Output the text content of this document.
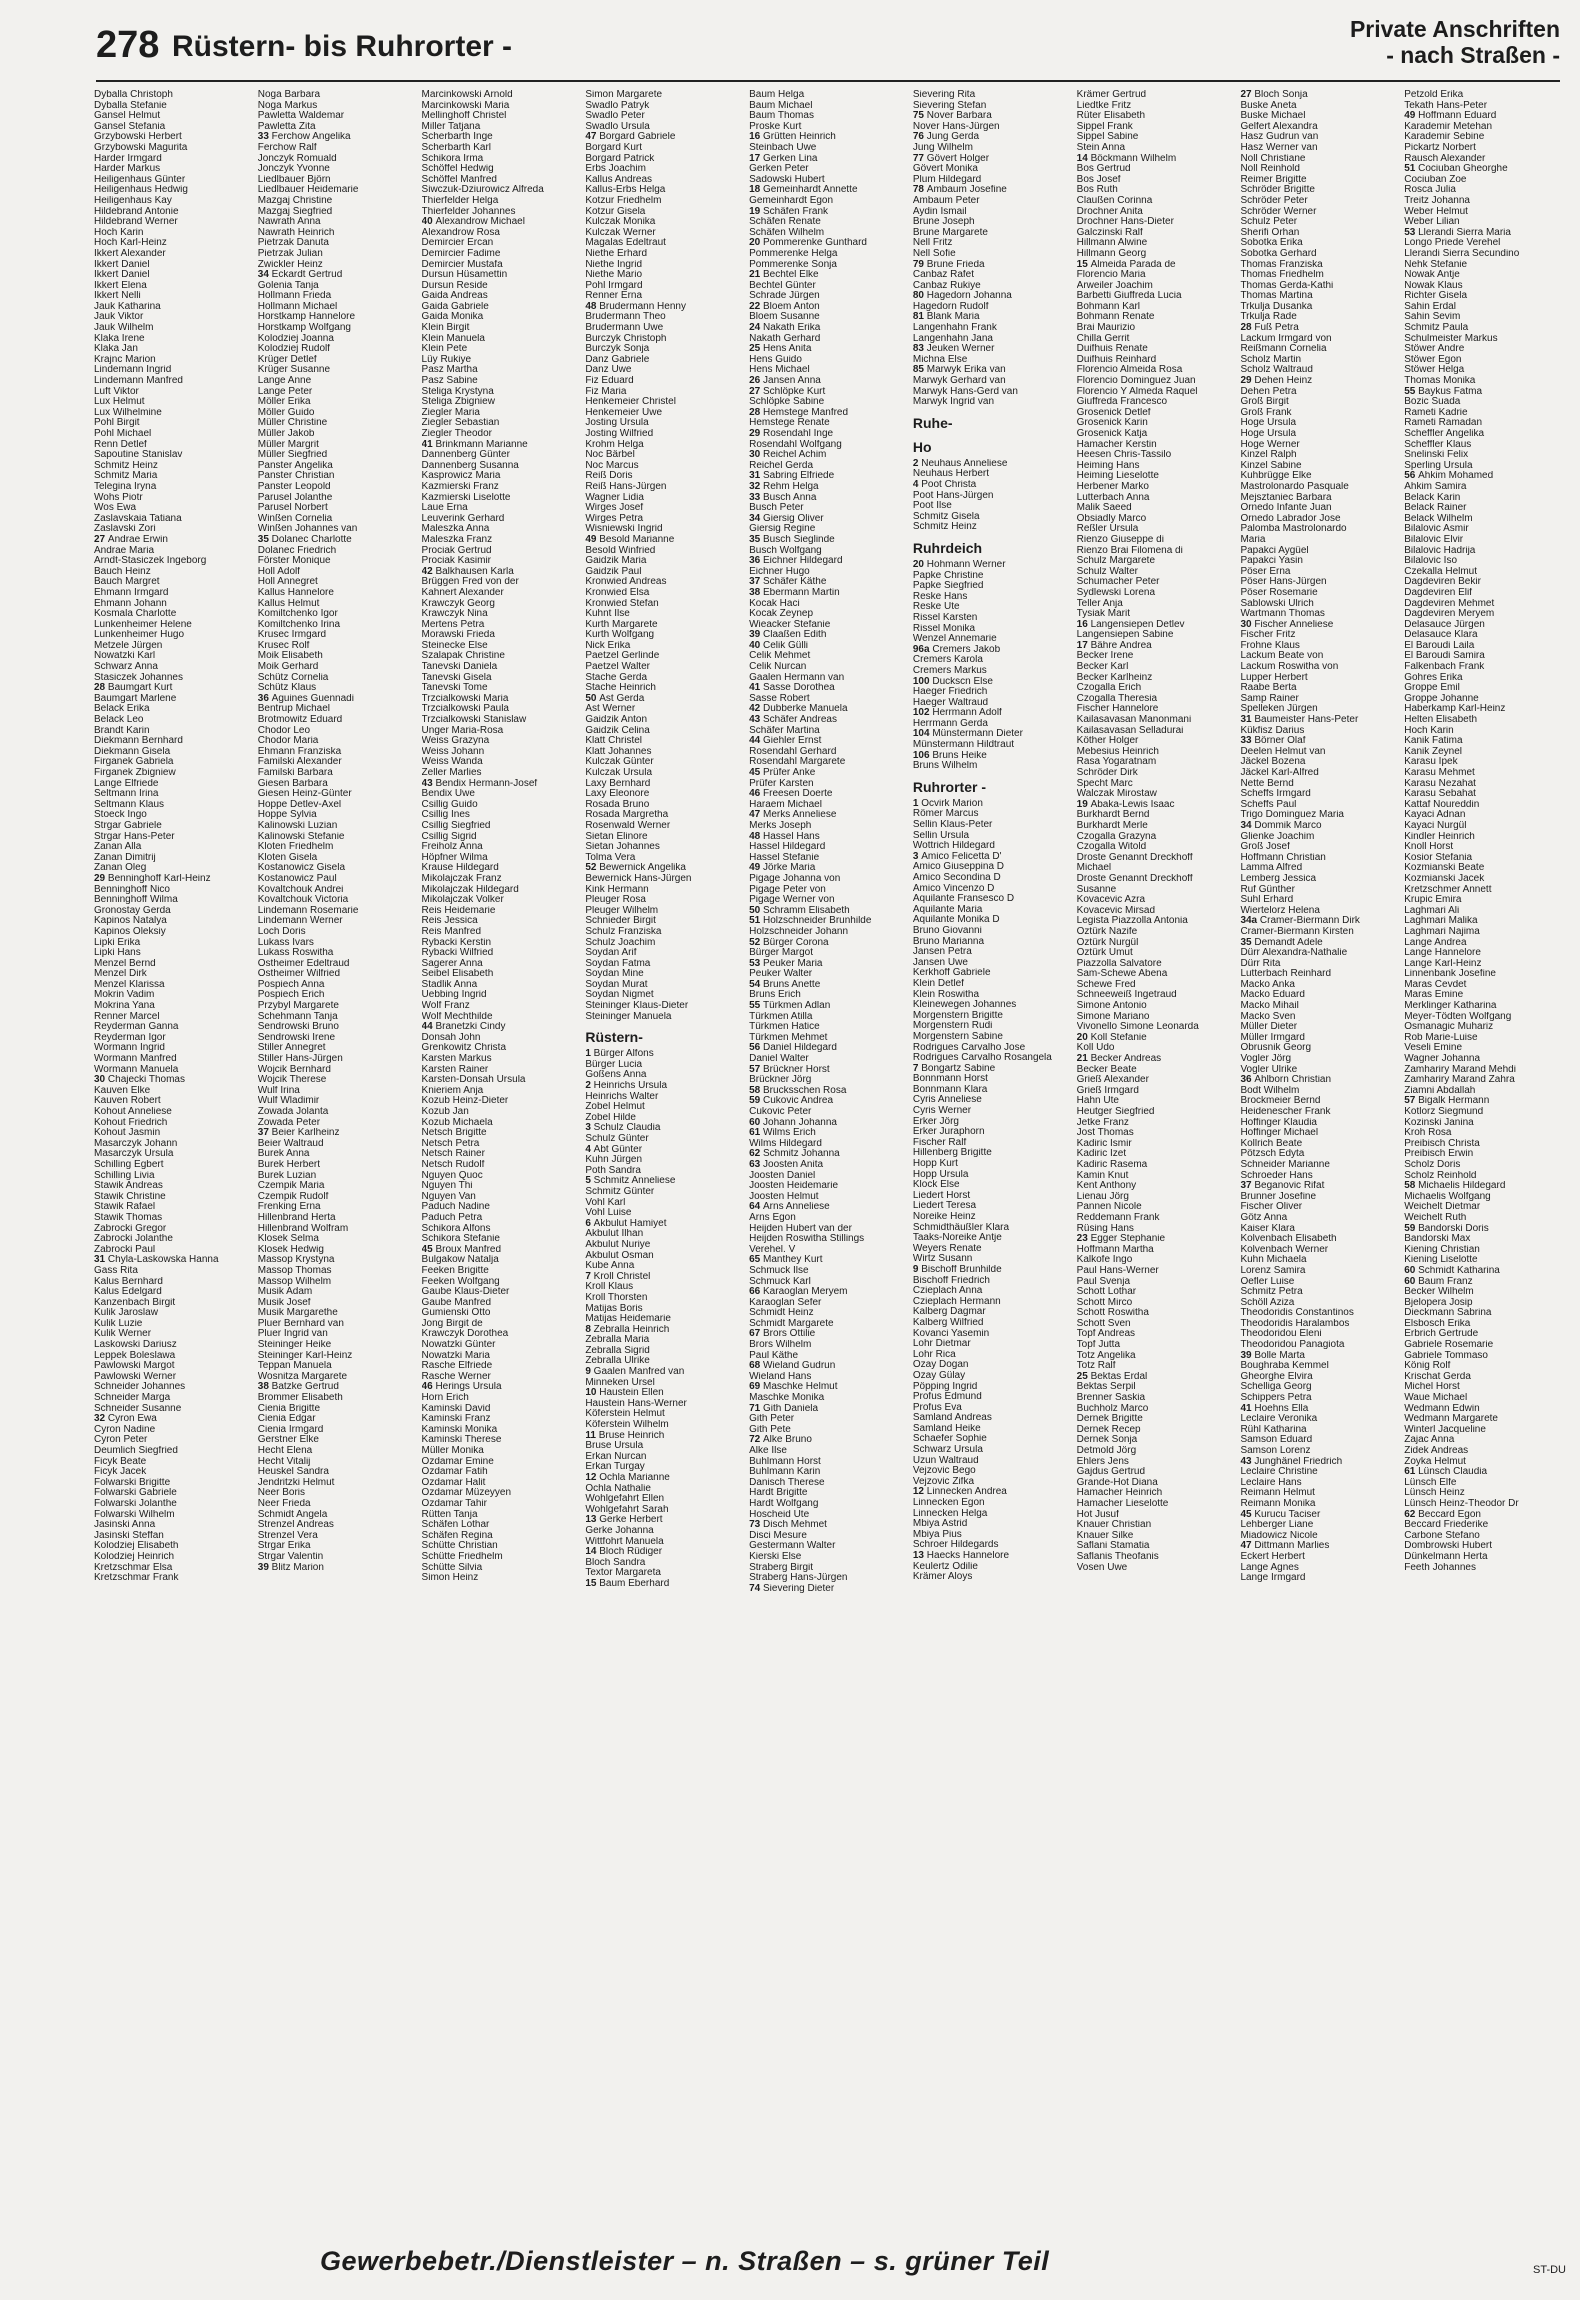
278 Rüstern- bis Ruhrorter -
Private Anschriften
- nach Straßen -
Dyballa Christoph
Dyballa Stefanie
Gansel Helmut
Gansel Stefania
Grzybowski Herbert
Grzybowski Magurita
Harder Irmgard
Harder Markus
Heiligenhaus Günter
Heiligenhaus Hedwig
Heiligenhaus Kay
Hildebrand Antonie
Hildebrand Werner
Hoch Karin
Hoch Karl-Heinz
Ikkert Alexander
Ikkert Daniel
Ikkert Daniel
Ikkert Elena
Ikkert Nelli
Jauk Katharina
Jauk Viktor
Jauk Wilhelm
Klaka Irene
Klaka Jan
Krajnc Marion
Lindemann Ingrid
Lindemann Manfred
Luft Viktor
Lux Helmut
Lux Wilhelmine
Pohl Birgit
Pohl Michael
Renn Detlef
Sapoutine Stanislav
Schmitz Heinz
Schmitz Maria
Telegina Iryna
Wohs Piotr
Wos Ewa
Zaslavskaia Tatiana
Zaslavski Zori
27 Andrae Erwin
Andrae Maria
Arndt-Stasiczek Ingeborg
Bauch Heinz
Bauch Margret
Ehmann Irmgard
Ehmann Johann
Kosmala Charlotte
Lunkenheimer Helene
Lunkenheimer Hugo
Metzele Jürgen
Nowatzki Karl
Schwarz Anna
Stasiczek Johannes
28 Baumgart Kurt
Baumgart Marlene
Belack Erika
Belack Leo
Brandt Karin
Diekmann Bernhard
Diekmann Gisela
Firganek Gabriela
Firganek Zbigniew
Lange Elfriede
Seltmann Irina
Seltmann Klaus
Stoeck Ingo
Strgar Gabriele
Strgar Hans-Peter
Zanan Alla
Zanan Dimitrij
Zanan Oleg
29 Benninghoff Karl-Heinz
Benninghoff Nico
Benninghoff Wilma
Gronostay Gerda
Kapinos Natalya
Kapinos Oleksiy
Lipki Erika
Lipki Hans
Menzel Bernd
Menzel Dirk
Menzel Klarissa
Mokrin Vadim
Mokrina Yana
Renner Marcel
Reyderman Ganna
Reyderman Igor
Wormann Ingrid
Wormann Manfred
Wormann Manuela
30 Chajecki Thomas
Kauven Elke
Kauven Robert
Kohout Anneliese
Kohout Friedrich
Kohout Jasmin
Masarczyk Johann
Masarczyk Ursula
Schilling Egbert
Schilling Livia
Stawik Andreas
Stawik Christine
Stawik Rafael
Stawik Thomas
Zabrocki Gregor
Zabrocki Jolanthe
Zabrocki Paul
31 Chyla-Laskowska Hanna
Gass Rita
Kalus Bernhard
Kalus Edelgard
Kanzenbach Birgit
Kulik Jaroslaw
Kulik Luzie
Kulik Werner
Laskowski Dariusz
Leppek Boleslawa
Pawlowski Margot
Pawlowski Werner
Schneider Johannes
Schneider Marga
Schneider Susanne
32 Cyron Ewa
Cyron Nadine
Cyron Peter
Deumlich Siegfried
Ficyk Beate
Ficyk Jacek
Folwarski Brigitte
Folwarski Gabriele
Folwarski Jolanthe
Folwarski Wilhelm
Jasinski Anna
Jasinski Steffan
Kolodziej Elisabeth
Kolodziej Heinrich
Kretzschmar Elsa
Kretzschmar Frank
Noga Barbara
Noga Markus
Pawletta Waldemar
Pawletta Zita
33 Ferchow Angelika
Ferchow Ralf
Jonczyk Romuald
Jonczyk Yvonne
Liedlbauer Björn
Liedlbauer Heidemarie
Mazgaj Christine
Mazgaj Siegfried
Nawrath Anna
Nawrath Heinrich
Pietrzak Danuta
Pietrzak Julian
Zwickler Heinz
34 Eckardt Gertrud
Golenia Tanja
Hollmann Frieda
Hollmann Michael
Horstkamp Hannelore
Horstkamp Wolfgang
Kolodziej Joanna
Kolodziej Rudolf
Krüger Detlef
Krüger Susanne
Lange Anne
Lange Peter
Möller Erika
Möller Guido
Müller Christine
Müller Jakob
Müller Margrit
Müller Siegfried
Panster Angelika
Panster Christian
Panster Leopold
Parusel Jolanthe
Parusel Norbert
Winßen Cornelia
Winßen Johannes van
35 Dolanec Charlotte
Dolanec Friedrich
Förster Monique
Holl Adolf
Holl Annegret
Kallus Hannelore
Kallus Helmut
Komiltchenko Igor
Komiltchenko Irina
Krusec Irmgard
Krusec Rolf
Moik Elisabeth
Moik Gerhard
Schütz Cornelia
Schütz Klaus
36 Aguines Guennadi
Bentrup Michael
Brotmowitz Eduard
Chodor Leo
Chodor Maria
Ehmann Franziska
Familski Alexander
Familski Barbara
Giesen Barbara
Giesen Heinz-Günter
Hoppe Detlev-Axel
Hoppe Sylvia
Kalinowski Luzian
Kalinowski Stefanie
Kloten Friedhelm
Kloten Gisela
Kostanowicz Gisela
Kostanowicz Paul
Kovaltchouk Andrei
Kovaltchouk Victoria
Lindemann Rosemarie
Lindemann Werner
Loch Doris
Lukass Ivars
Lukass Roswitha
Ostheimer Edeltraud
Ostheimer Wilfried
Pospiech Anna
Pospiech Erich
Przybyl Margarete
Schehmann Tanja
Sendrowski Bruno
Sendrowski Irene
Stiller Annegret
Stiller Hans-Jürgen
Wojcik Bernhard
Wojcik Therese
Wulf Irina
Wulf Wladimir
Zowada Jolanta
Zowada Peter
37 Beier Karlheinz
Beier Waltraud
Burek Anna
Burek Herbert
Burek Luzian
Czempik Maria
Czempik Rudolf
Frenking Erna
Hillenbrand Herta
Hillenbrand Wolfram
Klosek Selma
Klosek Hedwig
Massop Krystyna
Massop Thomas
Massop Wilhelm
Musik Adam
Musik Josef
Musik Margarethe
Pluer Bernhard van
Pluer Ingrid van
Steininger Heike
Steininger Karl-Heinz
Teppan Manuela
Wosnitza Margarete
38 Batzke Gertrud
Brommer Elisabeth
Cienia Brigitte
Cienia Edgar
Cienia Irmgard
Gerstner Elke
Hecht Elena
Hecht Vitalij
Heuskel Sandra
Jendritzki Helmut
Neer Boris
Neer Frieda
Schmidt Angela
Strenzel Andreas
Strenzel Vera
Strgar Erika
Strgar Valentin
39 Blitz Marion
Marcinkowski Arnold
Marcinkowski Maria
Mellinghoff Christel
Miller Tatjana
Scherbarth Inge
Scherbarth Karl
Schikora Irma
Schöffel Hedwig
Schöffel Manfred
Siwczuk-Dziurowicz Alfreda
Thierfelder Helga
Thierfelder Johannes
40 Alexandrow Michael
Alexandrow Rosa
Demircier Ercan
Demircier Fadime
Demircier Mustafa
Dursun Hüsamettin
Dursun Reside
Gaida Andreas
Gaida Gabriele
Gaida Monika
Klein Birgit
Klein Manuela
Klein Pete
Lüy Rukiye
Pasz Martha
Pasz Sabine
Steliga Krystyna
Steliga Zbigniew
Ziegler Maria
Ziegler Sebastian
Ziegler Theodor
41 Brinkmann Marianne
Dannenberg Günter
Dannenberg Susanna
Kasprowicz Maria
Kazmierski Franz
Kazmierski Liselotte
Laue Erna
Leuverink Gerhard
Maleszka Anna
Maleszka Franz
Prociak Gertrud
Prociak Kasimir
42 Balkhausen Karla
Brüggen Fred von der
Kahnert Alexander
Krawczyk Georg
Krawczyk Nina
Mertens Petra
Morawski Frieda
Steinecke Else
Szalapak Christine
Tanevski Daniela
Tanevski Gisela
Tanevski Tome
Trzcialkowski Maria
Trzcialkowski Paula
Trzcialkowski Stanislaw
Unger Maria-Rosa
Weiss Grazyna
Weiss Johann
Weiss Wanda
Zeller Marlies
43 Bendix Hermann-Josef
Bendix Uwe
Csillig Guido
Csillig Ines
Csillig Siegfried
Csillig Sigrid
Freiholz Anna
Höpfner Wilma
Krause Hildegard
Mikolajczak Franz
Mikolajczak Hildegard
Mikolajczak Volker
Reis Heidemarie
Reis Jessica
Reis Manfred
Rybacki Kerstin
Rybacki Wilfried
Sagerer Anna
Seibel Elisabeth
Stadlik Anna
Uebbing Ingrid
Wolf Franz
Wolf Mechthilde
44 Branetzki Cindy
Donsah John
Grenkowitz Christa
Karsten Markus
Karsten Rainer
Karsten-Donsah Ursula
Knieriem Anja
Kozub Heinz-Dieter
Kozub Jan
Kozub Michaela
Netsch Brigitte
Netsch Petra
Netsch Rainer
Netsch Rudolf
Nguyen Quoc
Nguyen Thi
Nguyen Van
Paduch Nadine
Paduch Petra
Schikora Alfons
Schikora Stefanie
45 Broux Manfred
Bulgakow Natalja
Feeken Brigitte
Feeken Wolfgang
Gaube Klaus-Dieter
Gaube Manfred
Gumienski Otto
Jong Birgit de
Krawczyk Dorothea
Nowatzki Günter
Nowatzki Maria
Rasche Elfriede
Rasche Werner
46 Herings Ursula
Horn Erich
Kaminski David
Kaminski Franz
Kaminski Monika
Kaminski Therese
Müller Monika
Özdamar Emine
Özdamar Fatih
Özdamar Halit
Özdamar Müzeyyen
Özdamar Tahir
Rütten Tanja
Schäfen Lothar
Schäfen Regina
Schütte Christian
Schütte Friedhelm
Schütte Silvia
Simon Heinz
Simon Margarete
Swadlo Patryk
Swadlo Peter
Swadlo Ursula
47 Borgard Gabriele
Borgard Kurt
Borgard Patrick
Erbs Joachim
Kallus Andreas
Kallus-Erbs Helga
Kotzur Friedhelm
Kotzur Gisela
Kulczak Monika
Kulczak Werner
Magalas Edeltraut
Niethe Erhard
Niethe Ingrid
Niethe Mario
Pohl Irmgard
Renner Erna
48 Brudermann Henny
Brudermann Theo
Brudermann Uwe
Burczyk Christoph
Burczyk Sonja
Danz Gabriele
Danz Uwe
Fiz Eduard
Fiz Maria
Henkemeier Christel
Henkemeier Uwe
Josting Ursula
Josting Wilfried
Krohm Helga
Noc Bärbel
Noc Marcus
Reiß Doris
Reiß Hans-Jürgen
Wagner Lidia
Wirges Josef
Wirges Petra
Wisniewski Ingrid
49 Besold Marianne
Besold Winfried
Gaidzik Maria
Gaidzik Paul
Kronwied Andreas
Kronwied Elsa
Kronwied Stefan
Kuhnt Ilse
Kurth Margarete
Kurth Wolfgang
Nick Erika
Paetzel Gerlinde
Paetzel Walter
Stache Gerda
Stache Heinrich
50 Ast Gerda
Ast Werner
Gaidzik Anton
Gaidzik Celina
Klatt Christel
Klatt Johannes
Kulczak Günter
Kulczak Ursula
Laxy Bernhard
Laxy Eleonore
Rosada Bruno
Rosada Margretha
Rosenwald Werner
Sietan Elinore
Sietan Johannes
Tolma Vera
52 Bewernick Angelika
Bewernick Hans-Jürgen
Kink Hermann
Pleuger Rosa
Pleuger Wilhelm
Schnieder Birgit
Schulz Franziska
Schulz Joachim
Soydan Arif
Soydan Fatma
Soydan Mine
Soydan Murat
Soydan Nigmet
Steininger Klaus-Dieter
Steininger Manuela
Rüstern-
1 Bürger Alfons
Bürger Lucia
Goßens Anna
2 Heinrichs Ursula
Heinrichs Walter
Zobel Helmut
Zobel Hilde
3 Schulz Claudia
Schulz Günter
4 Abt Günter
Kuhn Jürgen
Poth Sandra
5 Schmitz Anneliese
Schmitz Günter
Vohl Karl
Vohl Luise
6 Akbulut Hamiyet
Akbulut Ilhan
Akbulut Nuriye
Akbulut Osman
Kube Anna
7 Kroll Christel
Kroll Klaus
Kroll Thorsten
Matijas Boris
Matijas Heidemarie
8 Zebralla Heinrich
Zebralla Maria
Zebralla Sigrid
Zebralla Ulrike
9 Gaalen Manfred van
Minneken Ursel
10 Haustein Ellen
Haustein Hans-Werner
Köferstein Helmut
Köferstein Wilhelm
11 Bruse Heinrich
Bruse Ursula
Erkan Nurcan
Erkan Turgay
12 Ochla Marianne
Ochla Nathalie
Wohlgefahrt Ellen
Wohlgefahrt Sarah
13 Gerke Herbert
Gerke Johanna
Wittfohrt Manuela
14 Bloch Rüdiger
Bloch Sandra
Textor Margareta
15 Baum Eberhard
Baum Helga
Baum Michael
Baum Thomas
Proske Kurt
16 Grütten Heinrich
Steinbach Uwe
17 Gerken Lina
Gerken Peter
Sadowski Hubert
18 Gemeinhardt Annette
Gemeinhardt Egon
19 Schäfen Frank
Schäfen Renate
Schäfen Wilhelm
20 Pommerenke Gunthard
Pommerenke Helga
Pommerenke Sonja
21 Bechtel Elke
Bechtel Günter
Schrade Jürgen
22 Bloem Anton
Bloem Susanne
24 Nakath Erika
Nakath Gerhard
25 Hens Anita
Hens Guido
Hens Michael
26 Jansen Anna
27 Schlöpke Kurt
Schlöpke Sabine
28 Hemstege Manfred
Hemstege Renate
29 Rosendahl Inge
Rosendahl Wolfgang
30 Reichel Achim
Reichel Gerda
31 Sabring Elfriede
32 Rehm Helga
33 Busch Anna
Busch Peter
34 Giersig Oliver
Giersig Regine
35 Busch Sieglinde
Busch Wolfgang
36 Eichner Hildegard
Eichner Hugo
37 Schäfer Käthe
38 Ebermann Martin
Kocak Haci
Kocak Zeynep
Wieacker Stefanie
39 Claaßen Edith
40 Celik Gülli
Celik Mehmet
Celik Nurcan
Gaalen Hermann van
41 Sasse Dorothea
Sasse Robert
42 Dubberke Manuela
43 Schäfer Andreas
Schäfer Martina
44 Giehler Ernst
Rosendahl Gerhard
Rosendahl Margarete
45 Prüfer Anke
Prüfer Karsten
46 Freesen Doerte
Haraem Michael
47 Merks Anneliese
Merks Joseph
48 Hassel Hans
Hassel Hildegard
Hassel Stefanie
49 Jörke Maria
Pigage Johanna von
Pigage Peter von
Pigage Werner von
50 Schramm Elisabeth
51 Holzschneider Brunhilde
Holzschneider Johann
52 Bürger Corona
Bürger Margot
53 Peuker Maria
Peuker Walter
54 Bruns Anette
Bruns Erich
55 Türkmen Adlan
Türkmen Atilla
Türkmen Hatice
Türkmen Mehmet
56 Daniel Hildegard
Daniel Walter
57 Brückner Horst
Brückner Jörg
58 Brucksschen Rosa
59 Cukovic Andrea
Cukovic Peter
60 Johann Johanna
61 Wilms Erich
Wilms Hildegard
62 Schmitz Johanna
63 Joosten Anita
Joosten Daniel
Joosten Heidemarie
Joosten Helmut
64 Arns Anneliese
Arns Egon
Heijden Hubert van der
Heijden Roswitha Stillings
Verehel. V
65 Manthey Kurt
Schmuck Ilse
Schmuck Karl
66 Karaoglan Meryem
Karaoglan Sefer
Schmidt Heinz
Schmidt Margarete
67 Brors Ottilie
Brors Wilhelm
Paul Käthe
68 Wieland Gudrun
Wieland Hans
69 Maschke Helmut
Maschke Monika
71 Gith Daniela
Gith Peter
Gith Pete
72 Alke Bruno
Alke Ilse
Buhlmann Horst
Buhlmann Karin
Danisch Therese
Hardt Brigitte
Hardt Wolfgang
Hoscheid Ute
73 Disch Mehmet
Disci Mesure
Gestermann Walter
Kierski Else
Straberg Birgit
Straberg Hans-Jürgen
74 Sievering Dieter
Sievering Rita
Sievering Stefan
75 Nover Barbara
Nover Hans-Jürgen
76 Jung Gerda
Jung Wilhelm
77 Gövert Holger
Gövert Monika
Plum Hildegard
78 Ambaum Josefine
Ambaum Peter
Aydin Ismail
Brune Joseph
Brune Margarete
Nell Fritz
Nell Sofie
79 Brune Frieda
Canbaz Rafet
Canbaz Rukiye
80 Hagedorn Johanna
Hagedorn Rudolf
81 Blank Maria
Langenhahn Frank
Langenhahn Jana
83 Jeuken Werner
Michna Else
85 Marwyk Erika van
Marwyk Gerhard van
Marwyk Hans-Gerd van
Marwyk Ingrid van
Ruhe-
Ho
2 Neuhaus Anneliese
Neuhaus Herbert
4 Poot Christa
Poot Hans-Jürgen
Poot Ilse
Schmitz Gisela
Schmitz Heinz
Ruhrdeich
20 Hohmann Werner
Papke Christine
Papke Siegfried
Reske Hans
Reske Ute
Rissel Karsten
Rissel Monika
Wenzel Annemarie
96a Cremers Jakob
Cremers Karola
Cremers Markus
100 Duckscn Else
Haeger Friedrich
Haeger Waltraud
102 Herrmann Adolf
Herrmann Gerda
104 Münstermann Dieter
Münstermann Hildtraut
106 Bruns Heike
Bruns Wilhelm
Ruhrorter -
1 Ocvirk Marion
Römer Marcus
Sellin Klaus-Peter
Sellin Ursula
Wottrich Hildegard
3 Amico Felicetta D'
Amico Giuseppina D
Amico Secondina D
Amico Vincenzo D
Aquilante Fransesco D
Aquilante Maria
Aquilante Monika D
Bruno Giovanni
Bruno Marianna
Jansen Petra
Jansen Uwe
Kerkhoff Gabriele
Klein Detlef
Klein Roswitha
Kleinewegen Johannes
Morgenstern Brigitte
Morgenstern Rudi
Morgenstern Sabine
Rodrigues Carvalho Jose
Rodrigues Carvalho Rosangela
7 Bongartz Sabine
Bonnmann Horst
Bonnmann Klara
Cyris Anneliese
Cyris Werner
Erker Jörg
Erker Juraphorn
Fischer Ralf
Hillenberg Brigitte
Hopp Kurt
Hopp Ursula
Klock Else
Liedert Horst
Liedert Teresa
Noreike Heinz
Schmidthäußler Klara
Taaks-Noreike Antje
Weyers Renate
Wirtz Susann
9 Bischoff Brunhilde
Bischoff Friedrich
Czieplach Anna
Czieplach Hermann
Kalberg Dagmar
Kalberg Wilfried
Kovanci Yasemin
Lohr Dietmar
Lohr Rica
Özay Dogan
Özay Gülay
Pöpping Ingrid
Profus Edmund
Profus Eva
Samland Andreas
Samland Heike
Schaefer Sophie
Schwarz Ursula
Uzun Waltraud
Vejzovic Bego
Vejzovic Zifka
12 Linnecken Andrea
Linnecken Egon
Linnecken Helga
Mbiya Astrid
Mbiya Pius
Schroer Hildegards
13 Haecks Hannelore
Keulertz Odilie
Krämer Aloys
Krämer Gertrud
Liedtke Fritz
Rüter Elisabeth
Sippel Frank
Sippel Sabine
Stein Anna
14 Böckmann Wilhelm
Bos Gertrud
Bos Josef
Bos Ruth
Claußen Corinna
Drochner Anita
Drochner Hans-Dieter
Galczinski Ralf
Hillmann Alwine
Hillmann Georg
15 Almeida Parada de
Florencio Maria
Arweiler Joachim
Barbetti Giuffreda Lucia
Bohmann Karl
Bohmann Renate
Brai Maurizio
Chilla Gerrit
Duifhuis Renate
Duifhuis Reinhard
Florencio Almeida Rosa
Florencio Dominguez Juan
Florencio Y Almeda Raquel
Giuffreda Francesco
Grosenick Detlef
Grosenick Karin
Grosenick Katja
Hamacher Kerstin
Heesen Chris-Tassilo
Heiming Hans
Heiming Lieselotte
Herbener Marko
Lutterbach Anna
Malik Saeed
Obsiadly Marco
Reßler Ursula
Rienzo Giuseppe di
Rienzo Brai Filomena di
Schulz Margarete
Schulz Walter
Schumacher Peter
Sydlewski Lorena
Teller Anja
Tysiak Marit
16 Langensiepen Detlev
Langensiepen Sabine
17 Bähre Andrea
Becker Irene
Becker Karl
Becker Karlheinz
Czogalla Erich
Czogalla Theresia
Fischer Hannelore
Kailasavasan Manonmani
Kailasavasan Selladurai
Köther Holger
Mebesius Heinrich
Rasa Yogaratnam
Schröder Dirk
Specht Marc
Walczak Mirostaw
19 Abaka-Lewis Isaac
Burkhardt Bernd
Burkhardt Merle
Czogalla Grazyna
Czogalla Witold
Droste Genannt Dreckhoff
Michael
Droste Genannt Dreckhoff
Susanne
Kovacevic Azra
Kovacevic Mirsad
Legista Piazzolla Antonia
Öztürk Nazife
Öztürk Nurgül
Öztürk Umut
Piazzolla Salvatore
Sam-Schewe Abena
Schewe Fred
Schneeweiß Ingetraud
Simone Antonio
Simone Mariano
Vivonello Simone Leonarda
20 Koll Stefanie
Koll Udo
21 Becker Andreas
Becker Beate
Grieß Alexander
Grieß Irmgard
Hahn Ute
Heutger Siegfried
Jetke Franz
Jost Thomas
Kadiric Ismir
Kadiric Izet
Kadiric Rasema
Kamin Knut
Kent Anthony
Lienau Jörg
Pannen Nicole
Reddemann Frank
Rüsing Hans
23 Egger Stephanie
Hoffmann Martha
Kalkofe Ingo
Paul Hans-Werner
Paul Svenja
Schott Lothar
Schott Mirco
Schott Roswitha
Schott Sven
Topf Andreas
Topf Jutta
Totz Angelika
Totz Ralf
25 Bektas Erdal
Bektas Serpil
Brenner Saskia
Buchholz Marco
Dernek Brigitte
Dernek Recep
Dernek Sonja
Detmold Jörg
Ehlers Jens
Gajdus Gertrud
Grande-Hot Diana
Hamacher Heinrich
Hamacher Lieselotte
Hot Jusuf
Knauer Christian
Knauer Silke
Saflani Stamatia
Saflanis Theofanis
Vosen Uwe
27 Bloch Sonja
Buske Aneta
Buske Michael
Gelfert Alexandra
Hasz Gudrun van
Hasz Werner van
Noll Christiane
Noll Reinhold
Reimer Brigitte
Schröder Brigitte
Schröder Peter
Schröder Werner
Schulz Peter
Sherifi Orhan
Sobotka Erika
Sobotka Gerhard
Thomas Franziska
Thomas Friedhelm
Thomas Gerda-Kathi
Thomas Martina
Trkulja Dusanka
Trkulja Rade
28 Fuß Petra
Lackum Irmgard von
Reißmann Cornelia
Scholz Martin
Scholz Waltraud
29 Dehen Heinz
Dehen Petra
Groß Birgit
Groß Frank
Hoge Ursula
Hoge Ursula
Hoge Werner
Kinzel Ralph
Kinzel Sabine
Kuhbrügge Elke
Mastrolonardo Pasquale
Mejsztaniec Barbara
Ornedo Infante Juan
Ornedo Labrador Jose
Palomba Mastrolonardo
Maria
Papakci Aygüel
Papakci Yasin
Pöser Erna
Pöser Hans-Jürgen
Pöser Rosemarie
Sablowski Ulrich
Wartmann Thomas
30 Fischer Anneliese
Fischer Fritz
Frohne Klaus
Lackum Beate von
Lackum Roswitha von
Lupper Herbert
Raabe Berta
Samp Rainer
Spelleken Jürgen
31 Baumeister Hans-Peter
Kükfisz Darius
33 Börner Olaf
Deelen Helmut van
Jäckel Bozena
Jäckel Karl-Alfred
Nette Bernd
Scheffs Irmgard
Scheffs Paul
Trigo Dominguez Maria
34 Dommik Marco
Glienke Joachim
Groß Josef
Hoffmann Christian
Lamma Alfred
Lemberg Jessica
Ruf Günther
Suhl Erhard
Wiertelorz Helena
34a Cramer-Biermann Dirk
Cramer-Biermann Kirsten
35 Demandt Adele
Dürr Alexandra-Nathalie
Dürr Rita
Lutterbach Reinhard
Macko Anka
Macko Eduard
Macko Mihail
Macko Sven
Müller Dieter
Müller Irmgard
Obrusnik Georg
Vogler Jörg
Vogler Ulrike
36 Ahlborn Christian
Bodt Wilhelm
Brockmeier Bernd
Heidenescher Frank
Hoffinger Klaudia
Hoffinger Michael
Kollrich Beate
Pötzsch Edyta
Schneider Marianne
Schroeder Hans
37 Beganovic Rifat
Brunner Josefine
Fischer Oliver
Götz Anna
Kaiser Klara
Kolvenbach Elisabeth
Kolvenbach Werner
Kuhn Michaela
Lorenz Samira
Oefler Luise
Schmitz Petra
Schöll Aziza
Theodoridis Constantinos
Theodoridis Haralambos
Theodoridou Eleni
Theodoridou Panagiota
39 Bolle Marta
Boughraba Kemmel
Gheorghe Elvira
Schelliga Georg
Schippers Petra
41 Hoehns Ella
Leclaire Veronika
Rühl Katharina
Samson Eduard
Samson Lorenz
43 Junghänel Friedrich
Leclaire Christine
Leclaire Hans
Reimann Helmut
Reimann Monika
45 Kurucu Taciser
Lehberger Liane
Miadowicz Nicole
47 Dittmann Marlies
Eckert Herbert
Lange Agnes
Lange Irmgard
Petzold Erika
Tekath Hans-Peter
49 Hoffmann Eduard
Karademir Metehan
Karademir Sebine
Pickartz Norbert
Rausch Alexander
51 Cociuban Gheorghe
Cociuban Zoe
Rosca Julia
Treitz Johanna
Weber Helmut
Weber Lilian
53 Llerandi Sierra Maria
Longo Priede Verehel
Llerandi Sierra Secundino
Nehk Stefanie
Nowak Antje
Nowak Klaus
Richter Gisela
Sahin Erdal
Sahin Sevim
Schmitz Paula
Schulmeister Markus
Stöwer Andre
Stöwer Egon
Stöwer Helga
Thomas Monika
55 Baykus Fatma
Bozic Suada
Rameti Kadrie
Rameti Ramadan
Scheffler Angelika
Scheffler Klaus
Snelinski Felix
Sperling Ursula
56 Ahkim Mohamed
Ahkim Samira
Belack Karin
Belack Rainer
Belack Wilhelm
Bilalovic Asmir
Bilalovic Elvir
Bilalovic Hadrija
Bilalovic Iso
Czekalla Helmut
Dagdeviren Bekir
Dagdeviren Elif
Dagdeviren Mehmet
Dagdeviren Meryem
Delasauce Jürgen
Delasauce Klara
El Baroudi Laila
El Baroudi Samira
Falkenbach Frank
Gohres Erika
Groppe Emil
Groppe Johanne
Haberkamp Karl-Heinz
Helten Elisabeth
Hoch Karin
Kanik Fatima
Kanik Zeynel
Karasu Ipek
Karasu Mehmet
Karasu Nezahat
Karasu Sebahat
Kattaf Noureddin
Kayaci Adnan
Kayaci Nurgül
Kindler Heinrich
Knoll Horst
Kosior Stefania
Kozmianski Beate
Kozmianski Jacek
Kretzschmer Annett
Krupic Emira
Laghmari Ali
Laghmari Malika
Laghmari Najima
Lange Andrea
Lange Hannelore
Lange Karl-Heinz
Linnenbank Josefine
Maras Cevdet
Maras Emine
Merklinger Katharina
Meyer-Tödten Wolfgang
Osmanagic Muhariz
Rob Marie-Luise
Veseli Emine
Wagner Johanna
Zamhariry Marand Mehdi
Zamhariry Marand Zahra
Ziamni Abdallah
57 Bigalk Hermann
Kotlorz Siegmund
Kozinski Janina
Kroh Rosa
Preibisch Christa
Preibisch Erwin
Scholz Doris
Scholz Reinhold
58 Michaelis Hildegard
Michaelis Wolfgang
Weichelt Dietmar
Weichelt Ruth
59 Bandorski Doris
Bandorski Max
Kiening Christian
Kiening Liselotte
60 Schmidt Katharina
60 Baum Franz
Becker Wilhelm
Bjelopera Josip
Dieckmann Sabrina
Elsbosch Erika
Erbrich Gertrude
Gabriele Rosemarie
Gabriele Tommaso
König Rolf
Krischat Gerda
Michel Horst
Waue Michael
Wedmann Edwin
Wedmann Margarete
Winterl Jacqueline
Zajac Anna
Zidek Andreas
Zoyka Helmut
61 Lünsch Claudia
Lünsch Elfe
Lünsch Heinz
Lünsch Heinz-Theodor Dr
62 Beccard Egon
Beccard Friederike
Carbone Stefano
Dombrowski Hubert
Dünkelmann Herta
Feeth Johannes
Gewerbebetr./Dienstleister – n. Straßen – s. grüner Teil	ST-DU
